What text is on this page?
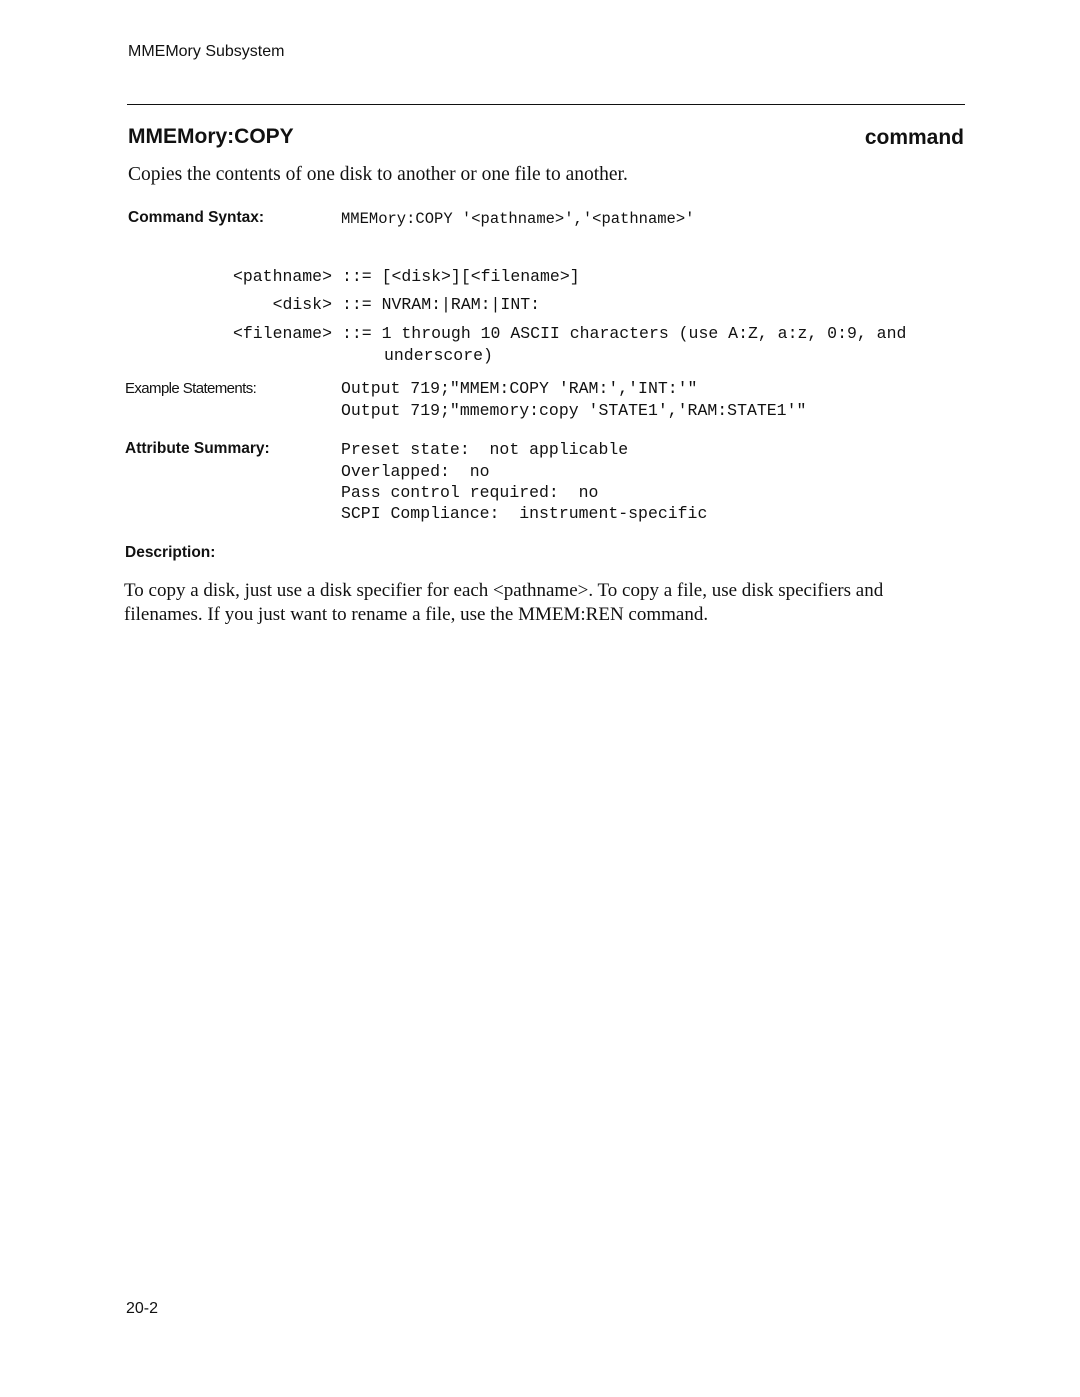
MMEMory Subsystem
MMEMory:COPY	command
Copies the contents of one disk to another or one file to another.
Command Syntax:	MMEMory:COPY '<pathname>','<pathname>'
<pathname> ::= [<disk>][<filename>]
<disk> ::= NVRAM:|RAM:|INT:
<filename> ::= 1 through 10 ASCII characters (use A:Z, a:z, 0:9, and
underscore)
Example Statements:	Output 719;"MMEM:COPY 'RAM:','INT:'"
Output 719;"mmemory:copy 'STATE1','RAM:STATE1'"
Attribute Summary:	Preset state:  not applicable
Overlapped:  no
Pass control required:  no
SCPI Compliance:  instrument-specific
Description:
To copy a disk, just use a disk specifier for each <pathname>. To copy a file, use disk specifiers and filenames. If you just want to rename a file, use the MMEM:REN command.
20-2
